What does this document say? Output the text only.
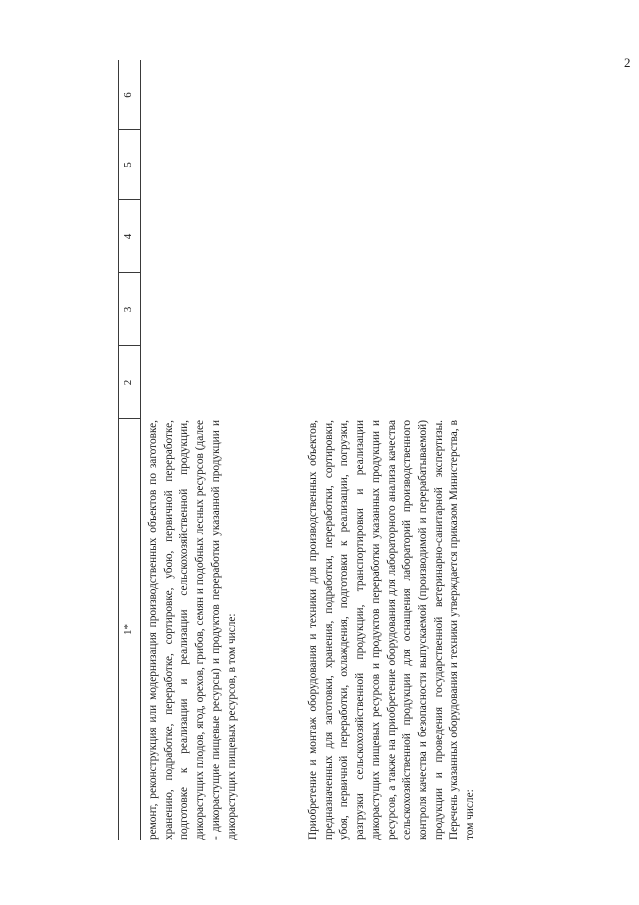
2
1*
2
3
4
5
6
ремонт, реконструкция или модернизация производственных объектов по заготовке, хранению, подработке, переработке, сортировке, убою, первичной переработке, подготовке к реализации и реализации сельскохозяйственной продукции, дикорастущих плодов, ягод, орехов, грибов, семян и подобных лесных ресурсов (далее - дикорастущие пищевые ресурсы) и продуктов переработки указанной продукции и дикорастущих пищевых ресурсов, в том числе:	Приобретение и монтаж оборудования и техники для производственных объектов, предназначенных для заготовки, хранения, подработки, переработки, сортировки, убоя, первичной переработки, охлаждения, подготовки к реализации, погрузки, разгрузки сельскохозяйственной продукции, транспортировки и реализации дикорастущих пищевых ресурсов и продуктов переработки указанных продукции и ресурсов, а также на приобретение оборудования для лабораторного анализа качества сельскохозяйственной продукции для оснащения лабораторий производственного контроля качества и безопасности выпускаемой (производимой и перерабатываемой) продукции и проведения государственной ветеринарно-санитарной экспертизы. Перечень указанных оборудования и техники утверждается приказом Министерства, в том числе:
